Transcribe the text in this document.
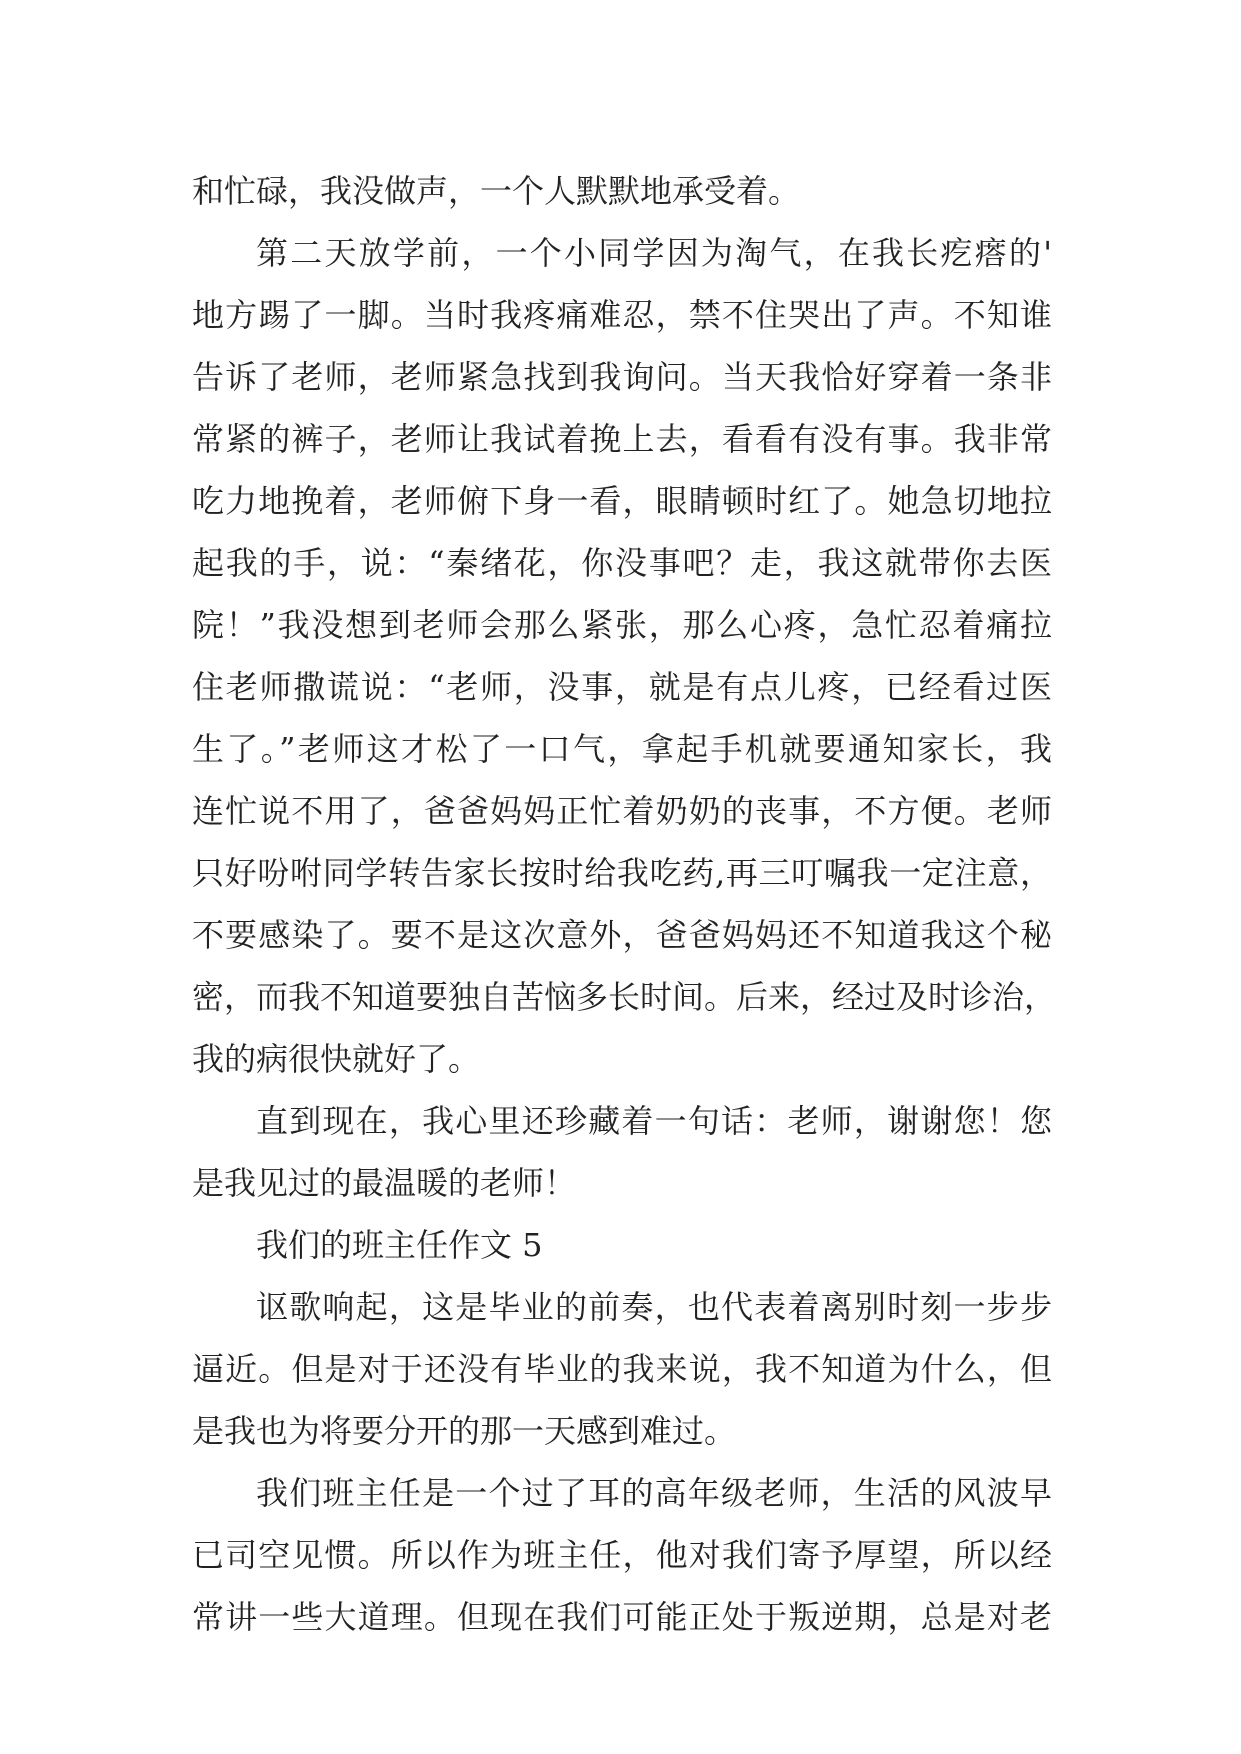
和忙碌，我没做声，一个人默默地承受着。
第二天放学前，一个小同学因为淘气，在我长疙瘩的'
地方踢了一脚。当时我疼痛难忍，禁不住哭出了声。不知谁
告诉了老师，老师紧急找到我询问。当天我恰好穿着一条非
常紧的裤子，老师让我试着挽上去，看看有没有事。我非常
吃力地挽着，老师俯下身一看，眼睛顿时红了。她急切地拉
起我的手，说：“秦绪花，你没事吧？走，我这就带你去医
院！”我没想到老师会那么紧张，那么心疼，急忙忍着痛拉
住老师撒谎说：“老师，没事，就是有点儿疼，已经看过医
生了。”老师这才松了一口气，拿起手机就要通知家长，我
连忙说不用了，爸爸妈妈正忙着奶奶的丧事，不方便。老师
只好吩咐同学转告家长按时给我吃药,再三叮嘱我一定注意，
不要感染了。要不是这次意外，爸爸妈妈还不知道我这个秘
密，而我不知道要独自苦恼多长时间。后来，经过及时诊治，
我的病很快就好了。
直到现在，我心里还珍藏着一句话：老师，谢谢您！您
是我见过的最温暖的老师！
我们的班主任作文 5
讴歌响起，这是毕业的前奏，也代表着离别时刻一步步
逼近。但是对于还没有毕业的我来说，我不知道为什么，但
是我也为将要分开的那一天感到难过。
我们班主任是一个过了耳的高年级老师，生活的风波早
已司空见惯。所以作为班主任，他对我们寄予厚望，所以经
常讲一些大道理。但现在我们可能正处于叛逆期，总是对老
